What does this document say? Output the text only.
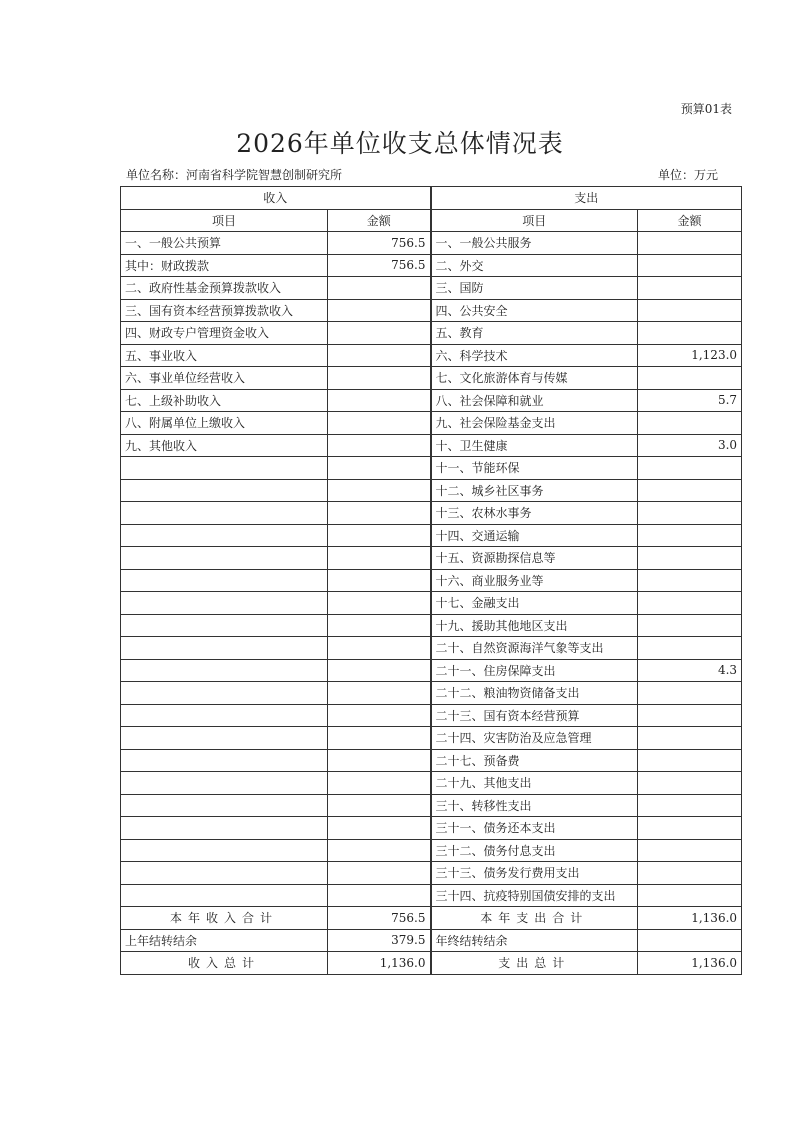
预算01表
2026年单位收支总体情况表
单位名称：河南省科学院智慧创制研究所	单位：万元
收入		支出	
项目	金额	项目	金额
一、一般公共预算	756.5	一、一般公共服务	
其中：财政拨款	756.5	二、外交	
二、政府性基金预算拨款收入		三、国防	
三、国有资本经营预算拨款收入		四、公共安全	
四、财政专户管理资金收入		五、教育	
五、事业收入		六、科学技术	1,123.0
六、事业单位经营收入		七、文化旅游体育与传媒	
七、上级补助收入		八、社会保障和就业	5.7
八、附属单位上缴收入		九、社会保险基金支出	
九、其他收入		十、卫生健康	3.0
		十一、节能环保	
		十二、城乡社区事务	
		十三、农林水事务	
		十四、交通运输	
		十五、资源勘探信息等	
		十六、商业服务业等	
		十七、金融支出	
		十九、援助其他地区支出	
		二十、自然资源海洋气象等支出	
		二十一、住房保障支出	4.3
		二十二、粮油物资储备支出	
		二十三、国有资本经营预算	
		二十四、灾害防治及应急管理	
		二十七、预备费	
		二十九、其他支出	
		三十、转移性支出	
		三十一、债务还本支出	
		三十二、债务付息支出	
		三十三、债务发行费用支出	
		三十四、抗疫特别国债安排的支出	
本年收入合计	756.5	本年支出合计	1,136.0
上年结转结余	379.5	年终结转结余	
收入总计	1,136.0	支出总计	1,136.0
